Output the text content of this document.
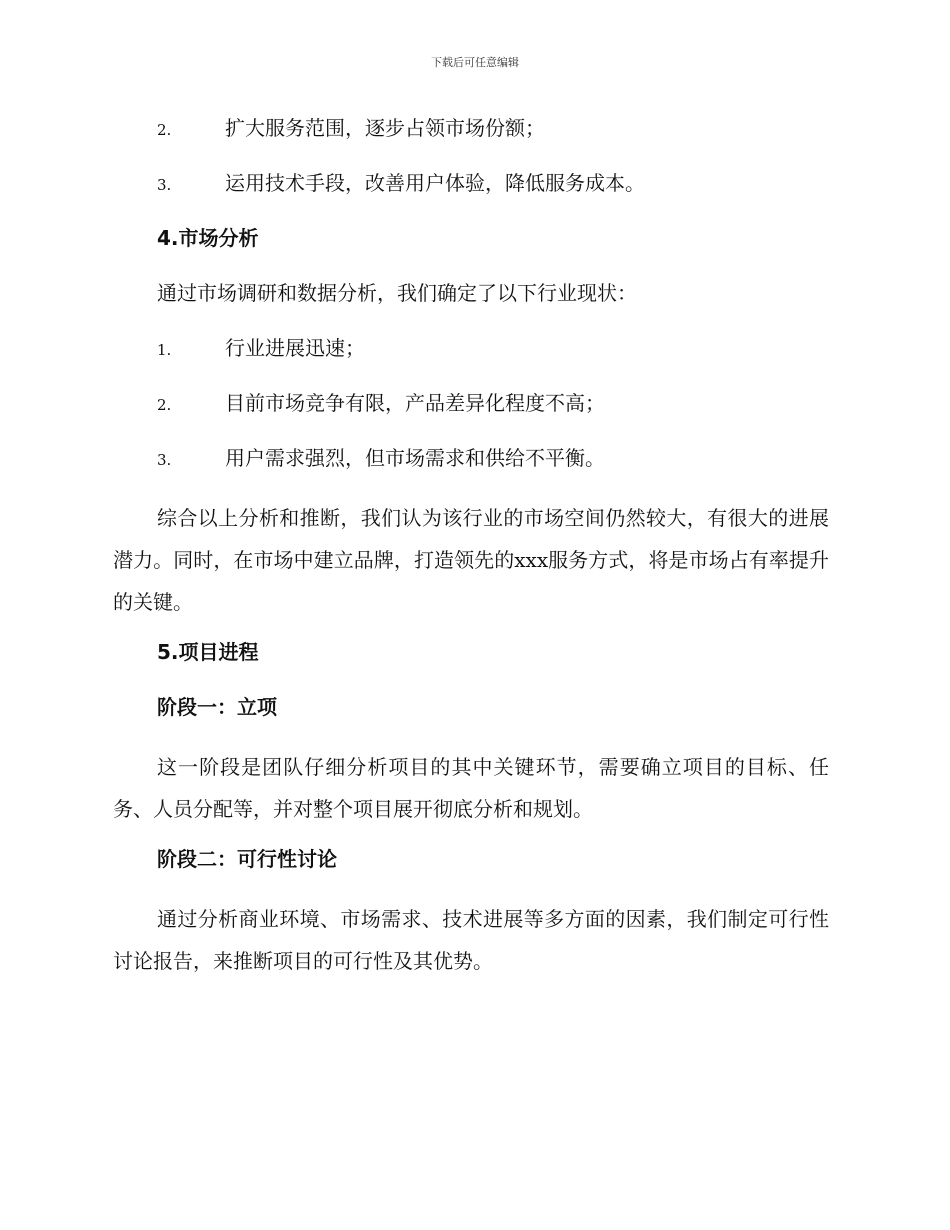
下载后可任意编辑
2.	扩大服务范围，逐步占领市场份额；
3.	运用技术手段，改善用户体验，降低服务成本。
4.市场分析
通过市场调研和数据分析，我们确定了以下行业现状：
1.	行业进展迅速；
2.	目前市场竞争有限，产品差异化程度不高；
3.	用户需求强烈，但市场需求和供给不平衡。
综合以上分析和推断，我们认为该行业的市场空间仍然较大，有很大的进展潜力。同时，在市场中建立品牌，打造领先的xxx服务方式，将是市场占有率提升的关键。
5.项目进程
阶段一：立项
这一阶段是团队仔细分析项目的其中关键环节，需要确立项目的目标、任务、人员分配等，并对整个项目展开彻底分析和规划。
阶段二：可行性讨论
通过分析商业环境、市场需求、技术进展等多方面的因素，我们制定可行性讨论报告，来推断项目的可行性及其优势。
